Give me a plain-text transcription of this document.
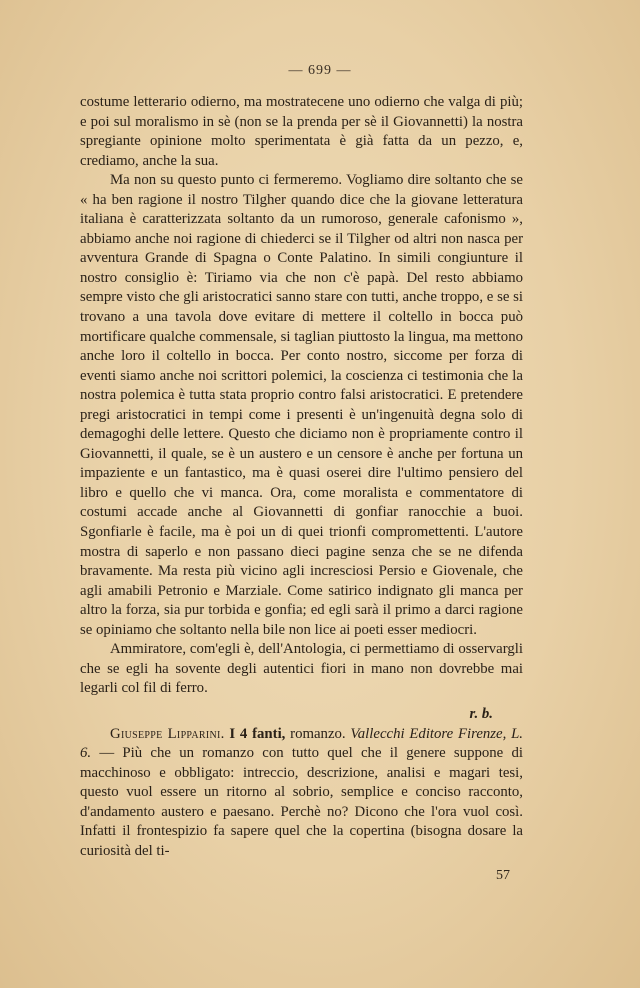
— 699 —

costume letterario odierno, ma mostratecene uno odierno che valga di più; e poi sul moralismo in sè (non se la prenda per sè il Giovannetti) la nostra spregiante opinione molto sperimentata è già fatta da un pezzo, e, crediamo, anche la sua.

Ma non su questo punto ci fermeremo. Vogliamo dire soltanto che se « ha ben ragione il nostro Tilgher quando dice che la giovane letteratura italiana è caratterizzata soltanto da un rumoroso, generale cafonismo », abbiamo anche noi ragione di chiederci se il Tilgher od altri non nasca per avventura Grande di Spagna o Conte Palatino. In simili congiunture il nostro consiglio è: Tiriamo via che non c'è papà. Del resto abbiamo sempre visto che gli aristocratici sanno stare con tutti, anche troppo, e se si trovano a una tavola dove evitare di mettere il coltello in bocca può mortificare qualche commensale, si taglian piuttosto la lingua, ma mettono anche loro il coltello in bocca. Per conto nostro, siccome per forza di eventi siamo anche noi scrittori polemici, la coscienza ci testimonia che la nostra polemica è tutta stata proprio contro falsi aristocratici. E pretendere pregi aristocratici in tempi come i presenti è un'ingenuità degna solo di demagoghi delle lettere. Questo che diciamo non è propriamente contro il Giovannetti, il quale, se è un austero e un censore è anche per fortuna un impaziente e un fantastico, ma è quasi oserei dire l'ultimo pensiero del libro e quello che vi manca. Ora, come moralista e commentatore di costumi accade anche al Giovannetti di gonfiar ranocchie a buoi. Sgonfiarle è facile, ma è poi un di quei trionfi compromettenti. L'autore mostra di saperlo e non passano dieci pagine senza che se ne difenda bravamente. Ma resta più vicino agli incresciosi Persio e Giovenale, che agli amabili Petronio e Marziale. Come satirico indignato gli manca per altro la forza, sia pur torbida e gonfia; ed egli sarà il primo a darci ragione se opiniamo che soltanto nella bile non lice ai poeti esser mediocri.

Ammiratore, com'egli è, dell'Antologia, ci permettiamo di osservargli che se egli ha sovente degli autentici fiori in mano non dovrebbe mai legarli col fil di ferro.

r. b.

Giuseppe Lipparini. I 4 fanti, romanzo. Vallecchi Editore Firenze, L. 6. — Più che un romanzo con tutto quel che il genere suppone di macchinoso e obbligato: intreccio, descrizione, analisi e magari tesi, questo vuol essere un ritorno al sobrio, semplice e conciso racconto, d'andamento austero e paesano. Perchè no? Dicono che l'ora vuol così. Infatti il frontespizio fa sapere quel che la copertina (bisogna dosare la curiosità del ti-

57
